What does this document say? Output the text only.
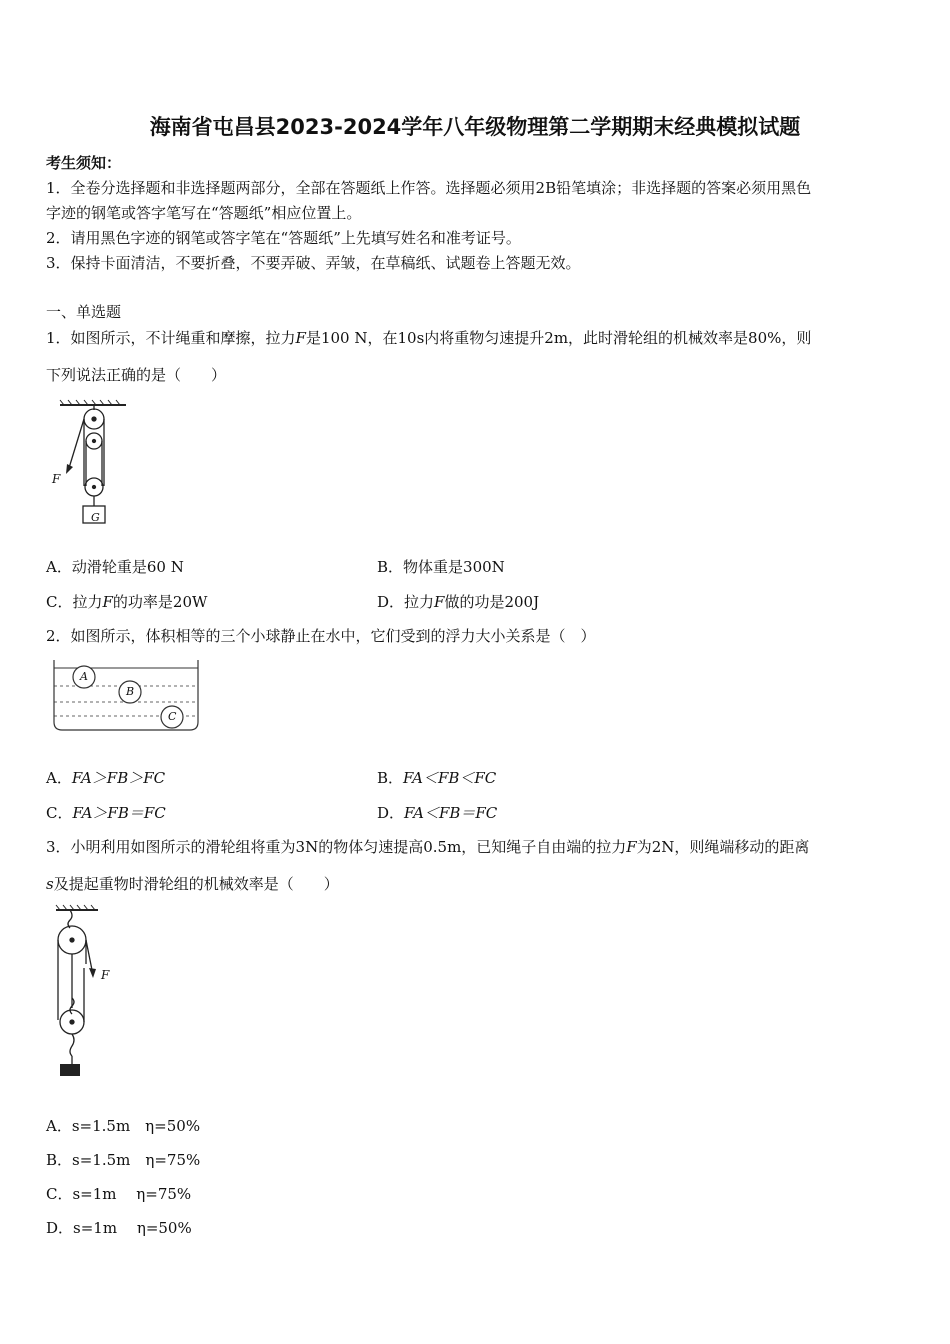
海南省屯昌县2023-2024学年八年级物理第二学期期末经典模拟试题
考生须知：
1．全卷分选择题和非选择题两部分，全部在答题纸上作答。选择题必须用2B铅笔填涂；非选择题的答案必须用黑色
字迹的钢笔或答字笔写在“答题纸”相应位置上。
2．请用黑色字迹的钢笔或答字笔在“答题纸”上先填写姓名和准考证号。
3．保持卡面清洁，不要折叠，不要弄破、弄皱，在草稿纸、试题卷上答题无效。
一、单选题
1．如图所示，不计绳重和摩擦，拉力F是100 N，在10s内将重物匀速提升2m，此时滑轮组的机械效率是80%，则
下列说法正确的是（　　）
F
G
A．动滑轮重是60 N	B．物体重是300N
C．拉力F的功率是20W	D．拉力F做的功是200J
2．如图所示，体积相等的三个小球静止在水中，它们受到的浮力大小关系是（　）
A
B
C
A．FA＞FB＞FC	B．FA＜FB＜FC
C．FA＞FB＝FC	D．FA＜FB＝FC
3．小明利用如图所示的滑轮组将重为3N的物体匀速提高0.5m，已知绳子自由端的拉力F为2N，则绳端移动的距离
s及提起重物时滑轮组的机械效率是（　　）
F
A．s=1.5m　η=50%
B．s=1.5m　η=75%
C．s=1m　 η=75%
D．s=1m　 η=50%
